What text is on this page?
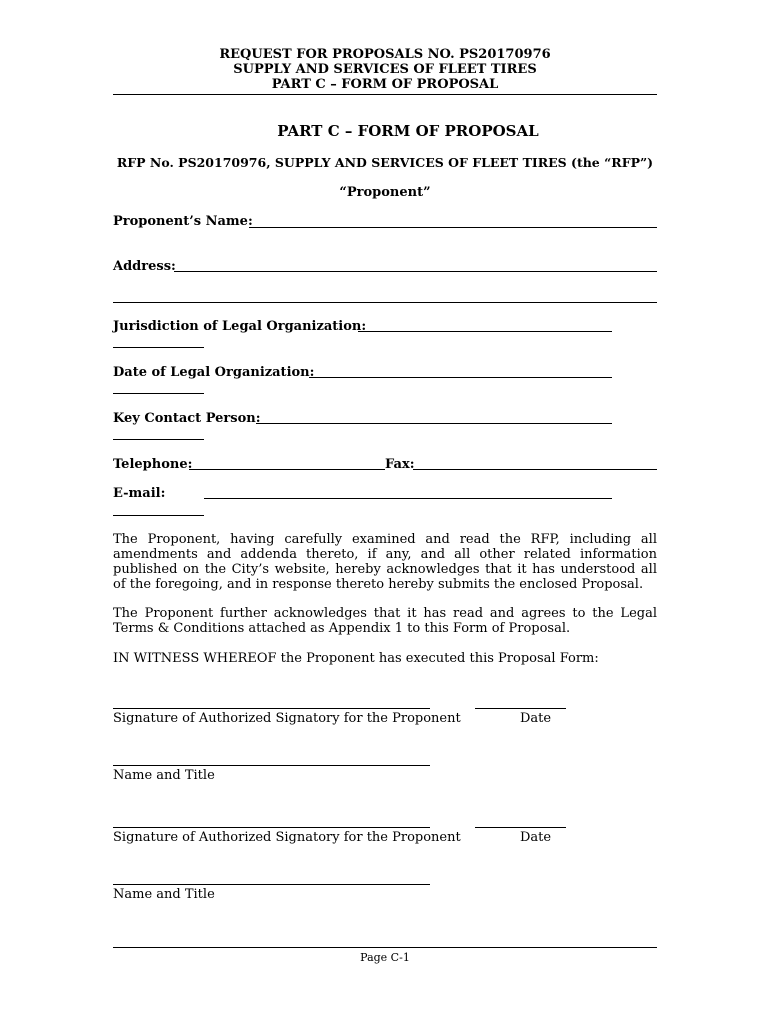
REQUEST FOR PROPOSALS NO. PS20170976
SUPPLY AND SERVICES OF FLEET TIRES
PART C – FORM OF PROPOSAL
PART C – FORM OF PROPOSAL
RFP No. PS20170976, SUPPLY AND SERVICES OF FLEET TIRES (the “RFP”)
“Proponent”
Proponent’s Name:
Address:
Jurisdiction of Legal Organization:
Date of Legal Organization:
Key Contact Person:
Telephone:	Fax:
E-mail:
The Proponent, having carefully examined and read the RFP, including all amendments and addenda thereto, if any, and all other related information published on the City’s website, hereby acknowledges that it has understood all of the foregoing, and in response thereto hereby submits the enclosed Proposal.
The Proponent further acknowledges that it has read and agrees to the Legal Terms & Conditions attached as Appendix 1 to this Form of Proposal.
IN WITNESS WHEREOF the Proponent has executed this Proposal Form:
Signature of Authorized Signatory for the Proponent	Date
Name and Title
Signature of Authorized Signatory for the Proponent	Date
Name and Title
Page C-1
